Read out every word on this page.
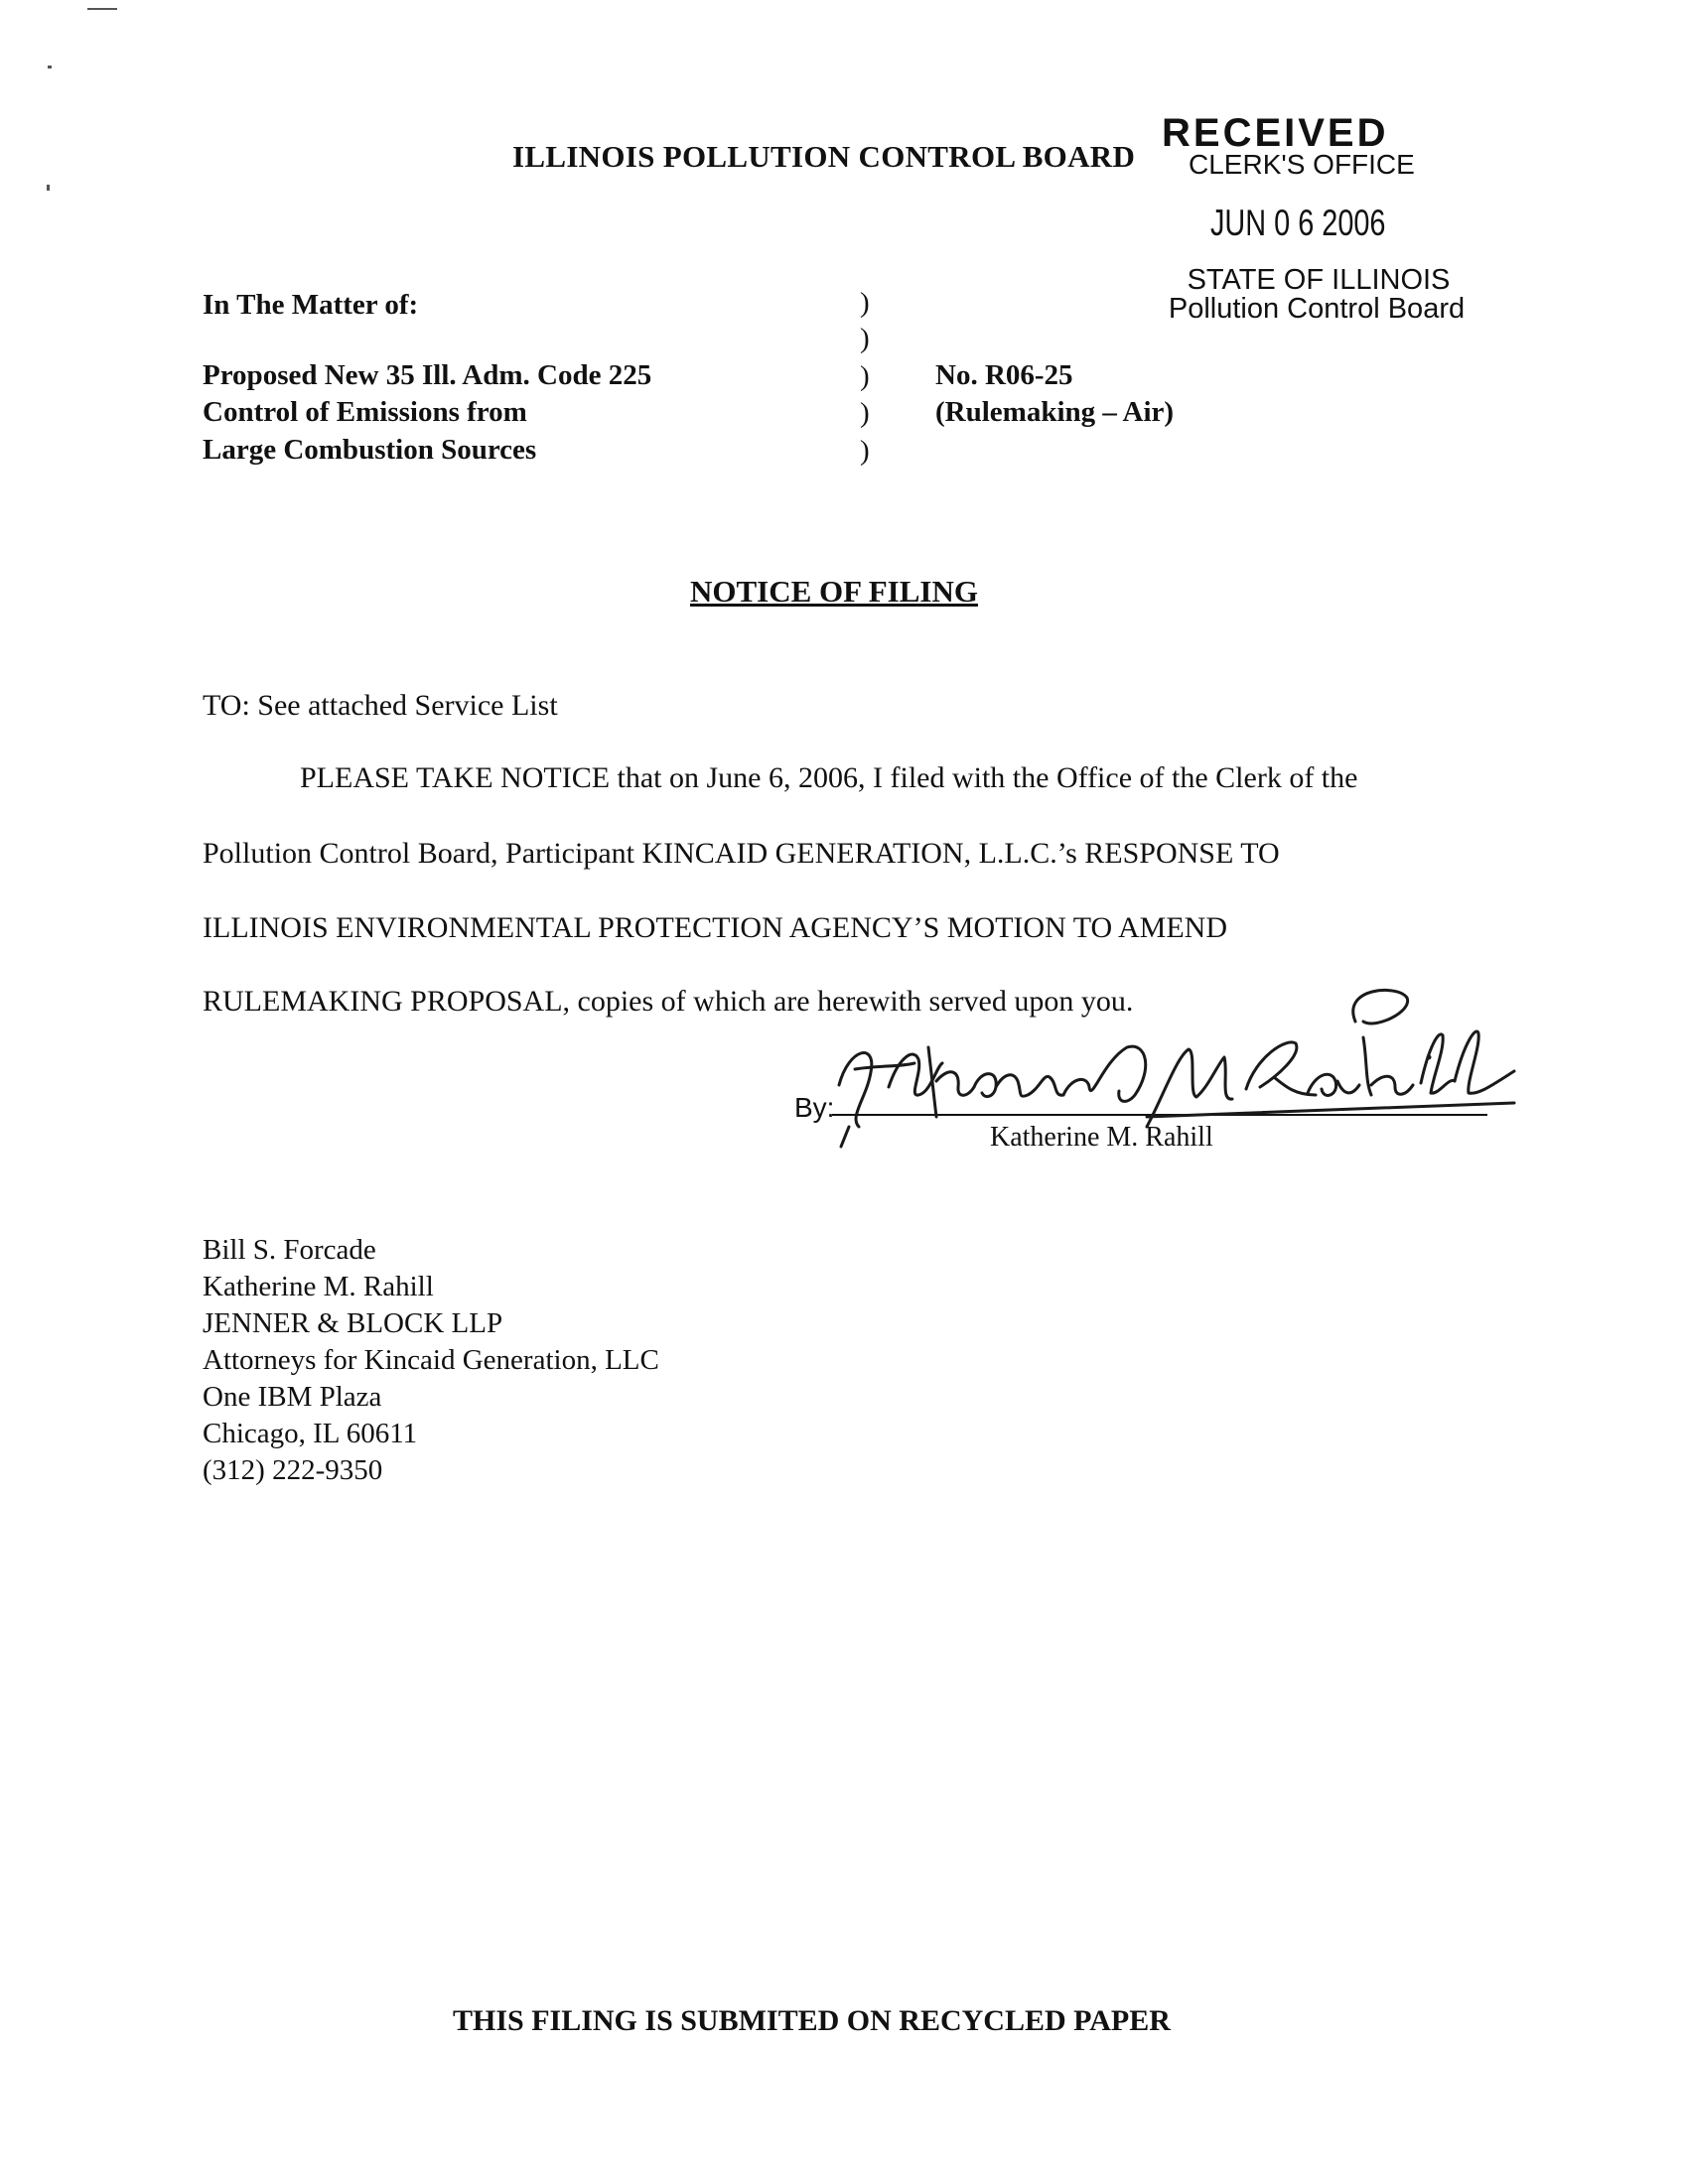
ILLINOIS POLLUTION CONTROL BOARD
RECEIVED
CLERK'S OFFICE
JUN 0 6 2006
STATE OF ILLINOIS
Pollution Control Board
In The Matter of:
Proposed New 35 Ill. Adm. Code 225
Control of Emissions from
Large Combustion Sources
)
)
)
)
)
No. R06-25
(Rulemaking – Air)
NOTICE OF FILING
TO: See attached Service List
PLEASE TAKE NOTICE that on June 6, 2006, I filed with the Office of the Clerk of the
Pollution Control Board, Participant KINCAID GENERATION, L.L.C.’s RESPONSE TO
ILLINOIS ENVIRONMENTAL PROTECTION AGENCY’S MOTION TO AMEND
RULEMAKING PROPOSAL, copies of which are herewith served upon you.
By:
Katherine M. Rahill
Bill S. Forcade
Katherine M. Rahill
JENNER & BLOCK LLP
Attorneys for Kincaid Generation, LLC
One IBM Plaza
Chicago, IL 60611
(312) 222-9350
THIS FILING IS SUBMITED ON RECYCLED PAPER
